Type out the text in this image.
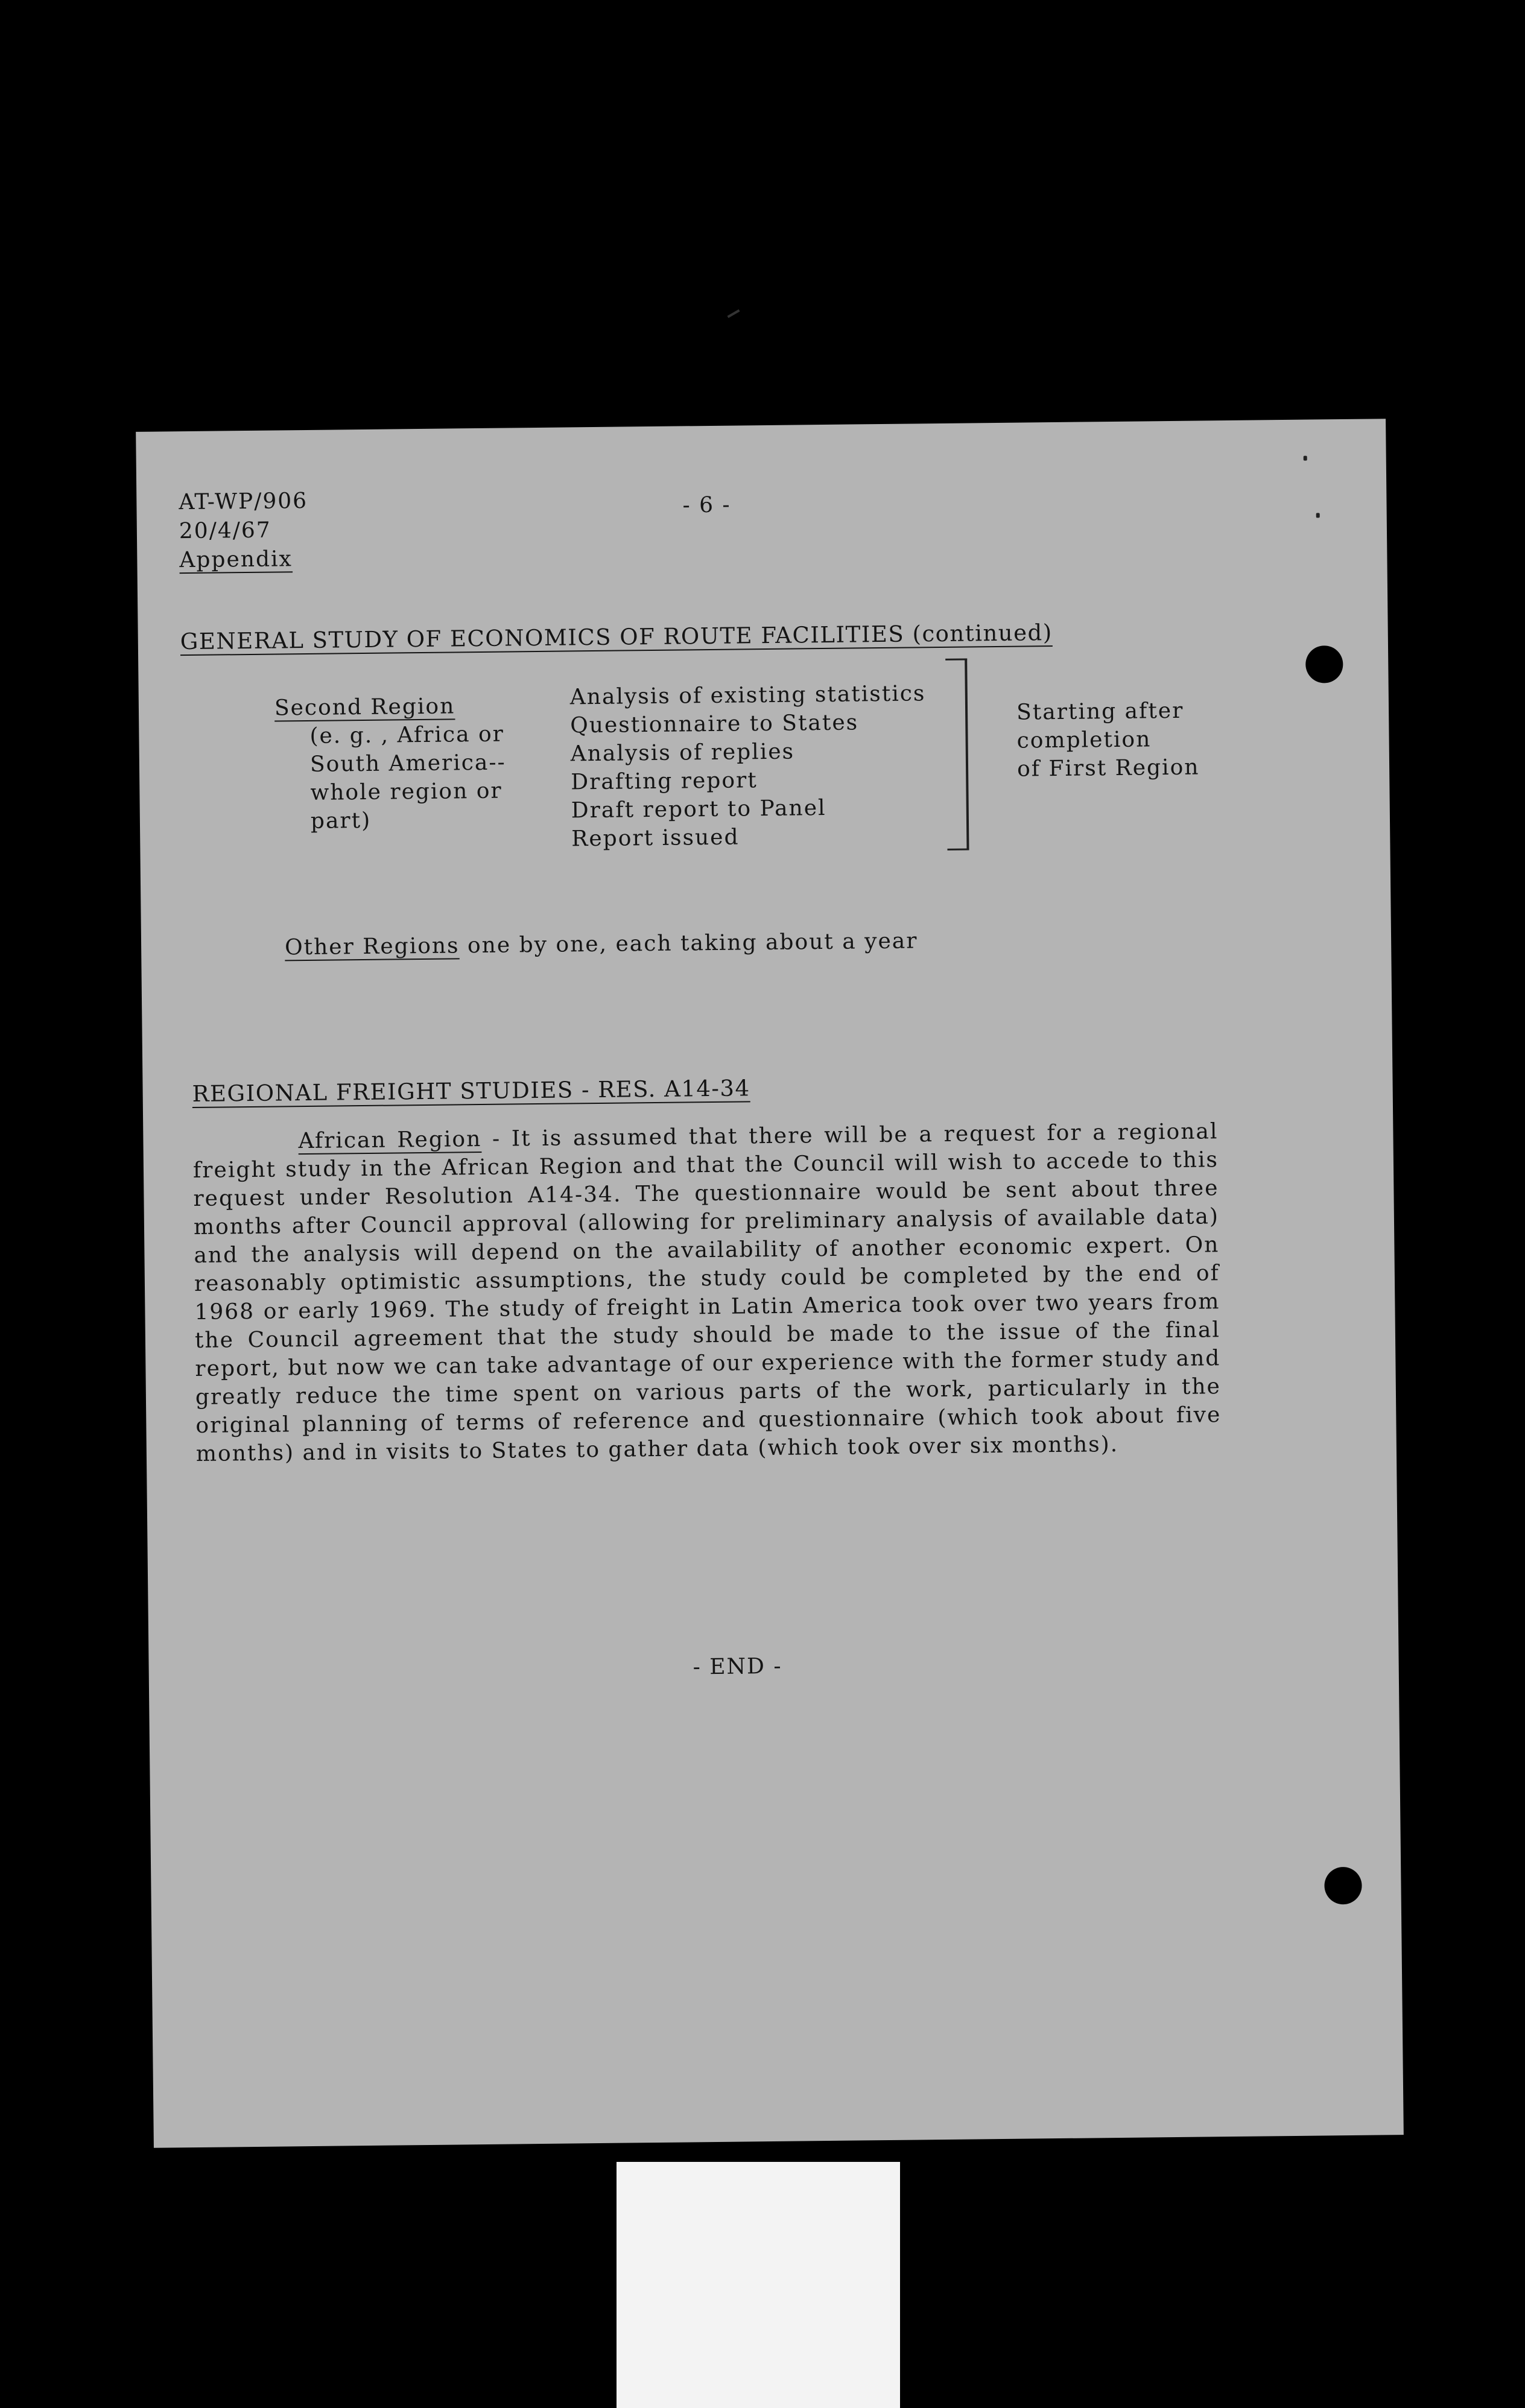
AT-WP/906
20/4/67
Appendix
- 6 -
GENERAL STUDY OF ECONOMICS OF ROUTE FACILITIES (continued)
Second Region
(e. g. , Africa or
South America--
whole region or
part)
Analysis of existing statistics
Questionnaire to States
Analysis of replies
Drafting report
Draft report to Panel
Report issued
Starting after
completion
of First Region
Other Regions one by one, each taking about a year
REGIONAL FREIGHT STUDIES - RES. A14-34
African Region - It is assumed that there will be a request for a regional freight study in the African Region and that the Council will wish to accede to this request under Resolution A14-34. The questionnaire would be sent about three months after Council approval (allowing for preliminary analysis of available data) and the analysis will depend on the availability of another economic expert. On reasonably optimistic assumptions, the study could be completed by the end of 1968 or early 1969. The study of freight in Latin America took over two years from the Council agreement that the study should be made to the issue of the final report, but now we can take advantage of our experience with the former study and greatly reduce the time spent on various parts of the work, particularly in the original planning of terms of reference and questionnaire (which took about five months) and in visits to States to gather data (which took over six months).
- END -
